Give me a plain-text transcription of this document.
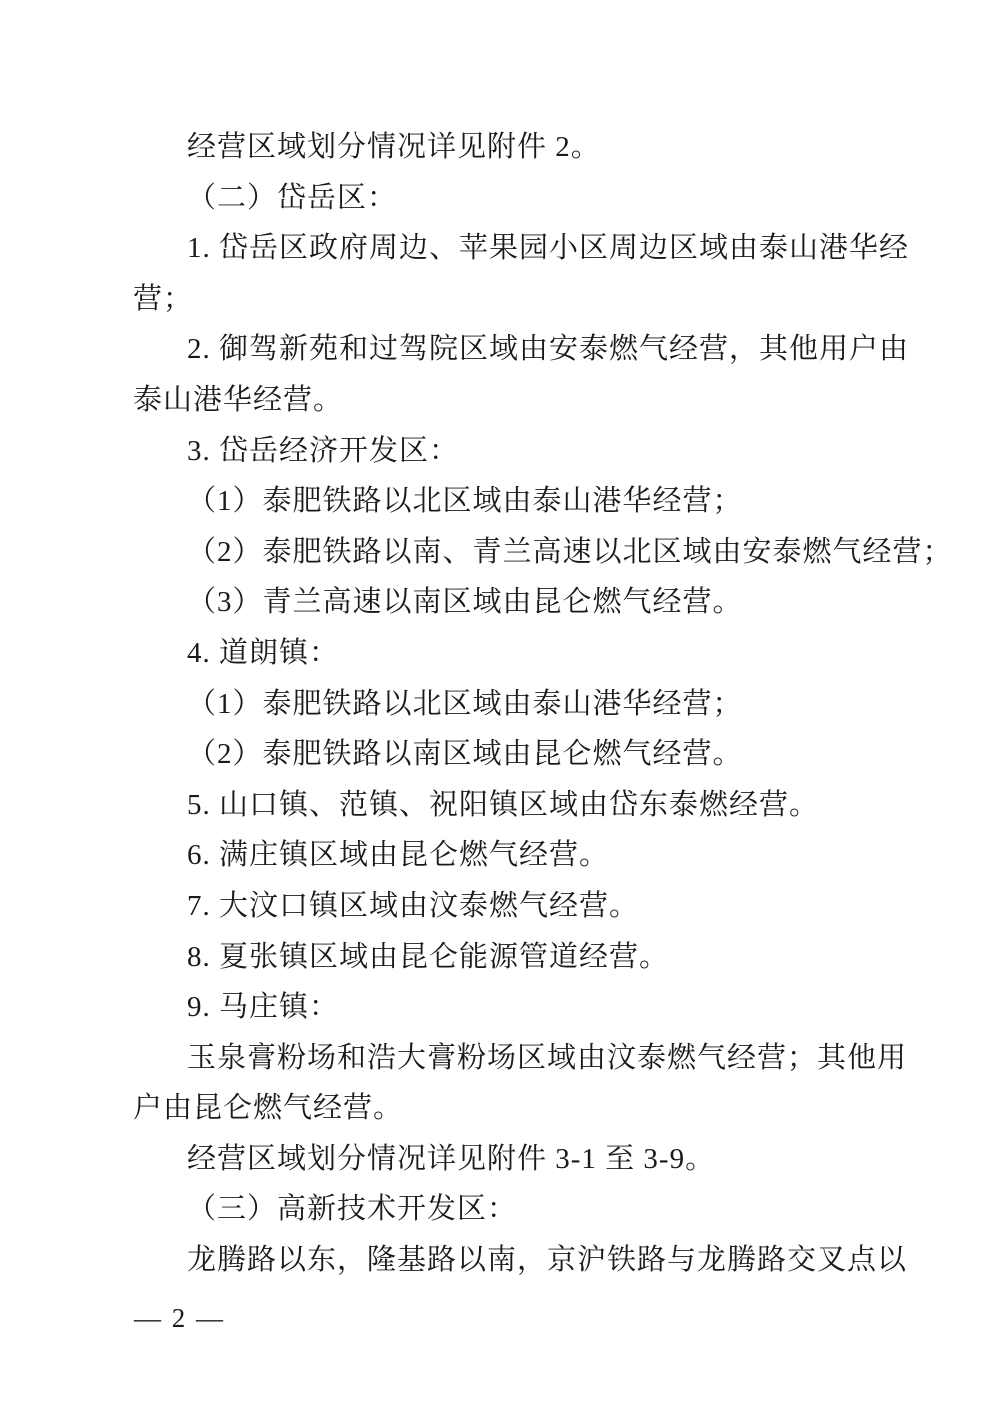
经营区域划分情况详见附件 2。
（二）岱岳区：
1. 岱岳区政府周边、苹果园小区周边区域由泰山港华经
营；
2. 御驾新苑和过驾院区域由安泰燃气经营，其他用户由
泰山港华经营。
3. 岱岳经济开发区：
（1）泰肥铁路以北区域由泰山港华经营；
（2）泰肥铁路以南、青兰高速以北区域由安泰燃气经营；
（3）青兰高速以南区域由昆仑燃气经营。
4. 道朗镇：
（1）泰肥铁路以北区域由泰山港华经营；
（2）泰肥铁路以南区域由昆仑燃气经营。
5. 山口镇、范镇、祝阳镇区域由岱东泰燃经营。
6. 满庄镇区域由昆仑燃气经营。
7. 大汶口镇区域由汶泰燃气经营。
8. 夏张镇区域由昆仑能源管道经营。
9. 马庄镇：
玉泉膏粉场和浩大膏粉场区域由汶泰燃气经营；其他用
户由昆仑燃气经营。
经营区域划分情况详见附件 3-1 至 3-9。
（三）高新技术开发区：
龙腾路以东，隆基路以南，京沪铁路与龙腾路交叉点以
— 2 —
